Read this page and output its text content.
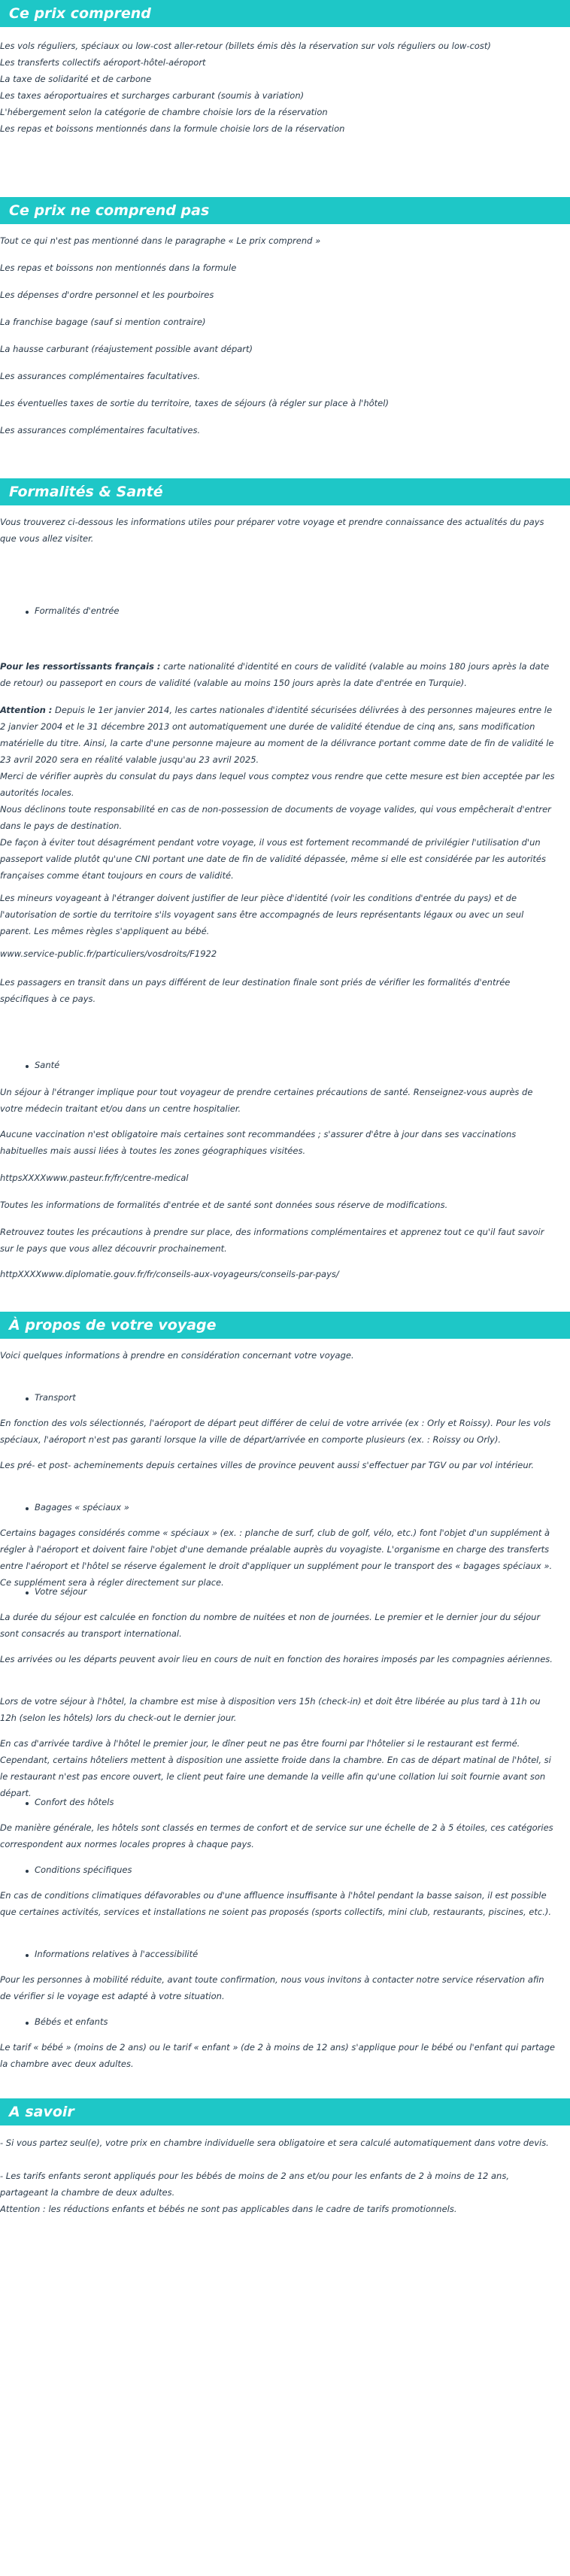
Ce prix comprend

Les vols réguliers, spéciaux ou low-cost aller-retour (billets émis dès la réservation sur vols réguliers ou low-cost)

Les transferts collectifs aéroport-hôtel-aéroport

La taxe de solidarité et de carbone

Les taxes aéroportuaires et surcharges carburant (soumis à variation)

L'hébergement selon la catégorie de chambre choisie lors de la réservation

Les repas et boissons mentionnés dans la formule choisie lors de la réservation

Ce prix ne comprend pas

Tout ce qui n'est pas mentionné dans le paragraphe « Le prix comprend »

Les repas et boissons non mentionnés dans la formule

Les dépenses d'ordre personnel et les pourboires

La franchise bagage (sauf si mention contraire)

La hausse carburant (réajustement possible avant départ)

Les assurances complémentaires facultatives.

Les éventuelles taxes de sortie du territoire, taxes de séjours (à régler sur place à l'hôtel)

Les assurances complémentaires facultatives.

Formalités & Santé

Vous trouverez ci-dessous les informations utiles pour préparer votre voyage et prendre connaissance des actualités du pays que vous allez visiter.

Formalités d'entrée

Pour les ressortissants français : carte nationalité d'identité en cours de validité (valable au moins 180 jours après la date de retour) ou passeport en cours de validité (valable au moins 150 jours après la date d'entrée en Turquie).

Attention : Depuis le 1er janvier 2014, les cartes nationales d'identité sécurisées délivrées à des personnes majeures entre le 2 janvier 2004 et le 31 décembre 2013 ont automatiquement une durée de validité étendue de cinq ans, sans modification matérielle du titre. Ainsi, la carte d'une personne majeure au moment de la délivrance portant comme date de fin de validité le 23 avril 2020 sera en réalité valable jusqu'au 23 avril 2025.

Merci de vérifier auprès du consulat du pays dans lequel vous comptez vous rendre que cette mesure est bien acceptée par les autorités locales.

Nous déclinons toute responsabilité en cas de non-possession de documents de voyage valides, qui vous empêcherait d'entrer dans le pays de destination.

De façon à éviter tout désagrément pendant votre voyage, il vous est fortement recommandé de privilégier l'utilisation d'un passeport valide plutôt qu'une CNI portant une date de fin de validité dépassée, même si elle est considérée par les autorités françaises comme étant toujours en cours de validité.

Les mineurs voyageant à l'étranger doivent justifier de leur pièce d'identité (voir les conditions d'entrée du pays) et de l'autorisation de sortie du territoire s'ils voyagent sans être accompagnés de leurs représentants légaux ou avec un seul parent. Les mêmes règles s'appliquent au bébé.

www.service-public.fr/particuliers/vosdroits/F1922

Les passagers en transit dans un pays différent de leur destination finale sont priés de vérifier les formalités d'entrée spécifiques à ce pays.

Santé

Un séjour à l'étranger implique pour tout voyageur de prendre certaines précautions de santé. Renseignez-vous auprès de votre médecin traitant et/ou dans un centre hospitalier.

Aucune vaccination n'est obligatoire mais certaines sont recommandées ; s'assurer d'être à jour dans ses vaccinations habituelles mais aussi liées à toutes les zones géographiques visitées.

httpsXXXXwww.pasteur.fr/fr/centre-medical

Toutes les informations de formalités d'entrée et de santé sont données sous réserve de modifications.

Retrouvez toutes les précautions à prendre sur place, des informations complémentaires et apprenez tout ce qu'il faut savoir sur le pays que vous allez découvrir prochainement.

httpXXXXwww.diplomatie.gouv.fr/fr/conseils-aux-voyageurs/conseils-par-pays/

À propos de votre voyage

Voici quelques informations à prendre en considération concernant votre voyage.

Transport

En fonction des vols sélectionnés, l'aéroport de départ peut différer de celui de votre arrivée (ex : Orly et Roissy). Pour les vols spéciaux, l'aéroport n'est pas garanti lorsque la ville de départ/arrivée en comporte plusieurs (ex. : Roissy ou Orly).

Les pré- et post- acheminements depuis certaines villes de province peuvent aussi s'effectuer par TGV ou par vol intérieur.

Bagages « spéciaux »

Certains bagages considérés comme « spéciaux » (ex. : planche de surf, club de golf, vélo, etc.) font l'objet d'un supplément à régler à l'aéroport et doivent faire l'objet d'une demande préalable auprès du voyagiste. L'organisme en charge des transferts entre l'aéroport et l'hôtel se réserve également le droit d'appliquer un supplément pour le transport des « bagages spéciaux ». Ce supplément sera à régler directement sur place.

Votre séjour

La durée du séjour est calculée en fonction du nombre de nuitées et non de journées. Le premier et le dernier jour du séjour sont consacrés au transport international.

Les arrivées ou les départs peuvent avoir lieu en cours de nuit en fonction des horaires imposés par les compagnies aériennes.

Lors de votre séjour à l'hôtel, la chambre est mise à disposition vers 15h (check-in) et doit être libérée au plus tard à 11h ou 12h (selon les hôtels) lors du check-out le dernier jour.

En cas d'arrivée tardive à l'hôtel le premier jour, le dîner peut ne pas être fourni par l'hôtelier si le restaurant est fermé. Cependant, certains hôteliers mettent à disposition une assiette froide dans la chambre. En cas de départ matinal de l'hôtel, si le restaurant n'est pas encore ouvert, le client peut faire une demande la veille afin qu'une collation lui soit fournie avant son départ.

Confort des hôtels

De manière générale, les hôtels sont classés en termes de confort et de service sur une échelle de 2 à 5 étoiles, ces catégories correspondent aux normes locales propres à chaque pays.

Conditions spécifiques

En cas de conditions climatiques défavorables ou d'une affluence insuffisante à l'hôtel pendant la basse saison, il est possible que certaines activités, services et installations ne soient pas proposés (sports collectifs, mini club, restaurants, piscines, etc.).

Informations relatives à l'accessibilité

Pour les personnes à mobilité réduite, avant toute confirmation, nous vous invitons à contacter notre service réservation afin de vérifier si le voyage est adapté à votre situation.

Bébés et enfants

Le tarif « bébé » (moins de 2 ans) ou le tarif « enfant » (de 2 à moins de 12 ans) s'applique pour le bébé ou l'enfant qui partage la chambre avec deux adultes.

A savoir

- Si vous partez seul(e), votre prix en chambre individuelle sera obligatoire et sera calculé automatiquement dans votre devis.

- Les tarifs enfants seront appliqués pour les bébés de moins de 2 ans et/ou pour les enfants de 2 à moins de 12 ans, partageant la chambre de deux adultes.

Attention : les réductions enfants et bébés ne sont pas applicables dans le cadre de tarifs promotionnels.
